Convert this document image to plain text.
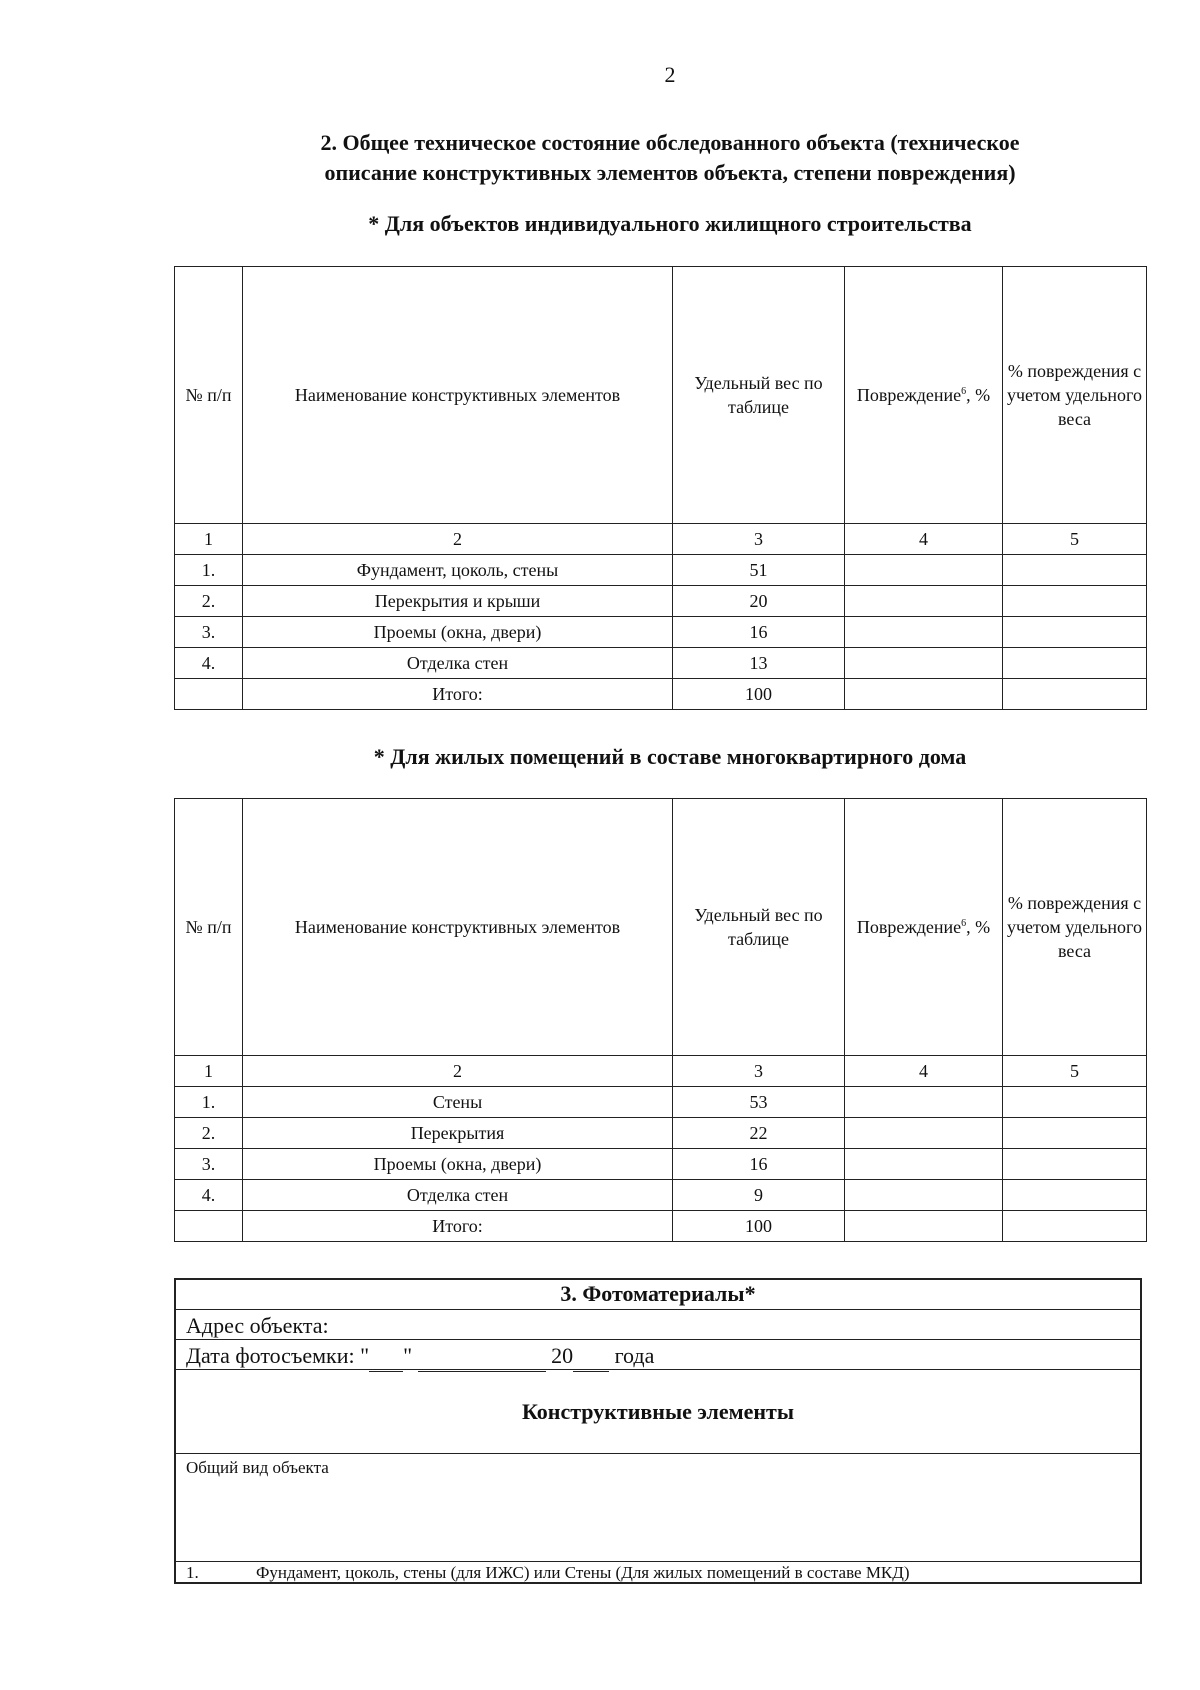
2
2. Общее техническое состояние обследованного объекта (техническое
описание конструктивных элементов объекта, степени повреждения)
* Для объектов индивидуального жилищного строительства
№ п/п	Наименование конструктивных элементов	Удельный вес по таблице	Повреждение$^6$, %	% повреждения с учетом удельного веса
1	2	3	4	5
1.	Фундамент, цоколь, стены	51		
2.	Перекрытия и крыши	20		
3.	Проемы (окна, двери)	16		
4.	Отделка стен	13		
	Итого:	100		
* Для жилых помещений в составе многоквартирного дома
№ п/п	Наименование конструктивных элементов	Удельный вес по таблице	Повреждение$^6$, %	% повреждения с учетом удельного веса
1	2	3	4	5
1.	Стены	53		
2.	Перекрытия	22		
3.	Проемы (окна, двери)	16		
4.	Отделка стен	9		
	Итого:	100		
3. Фотоматериалы*
Адрес объекта:
Дата фотосъемки: " "	20 года
Конструктивные элементы
Общий вид объекта
1.	Фундамент, цоколь, стены (для ИЖС) или Стены (Для жилых помещений в составе МКД)
